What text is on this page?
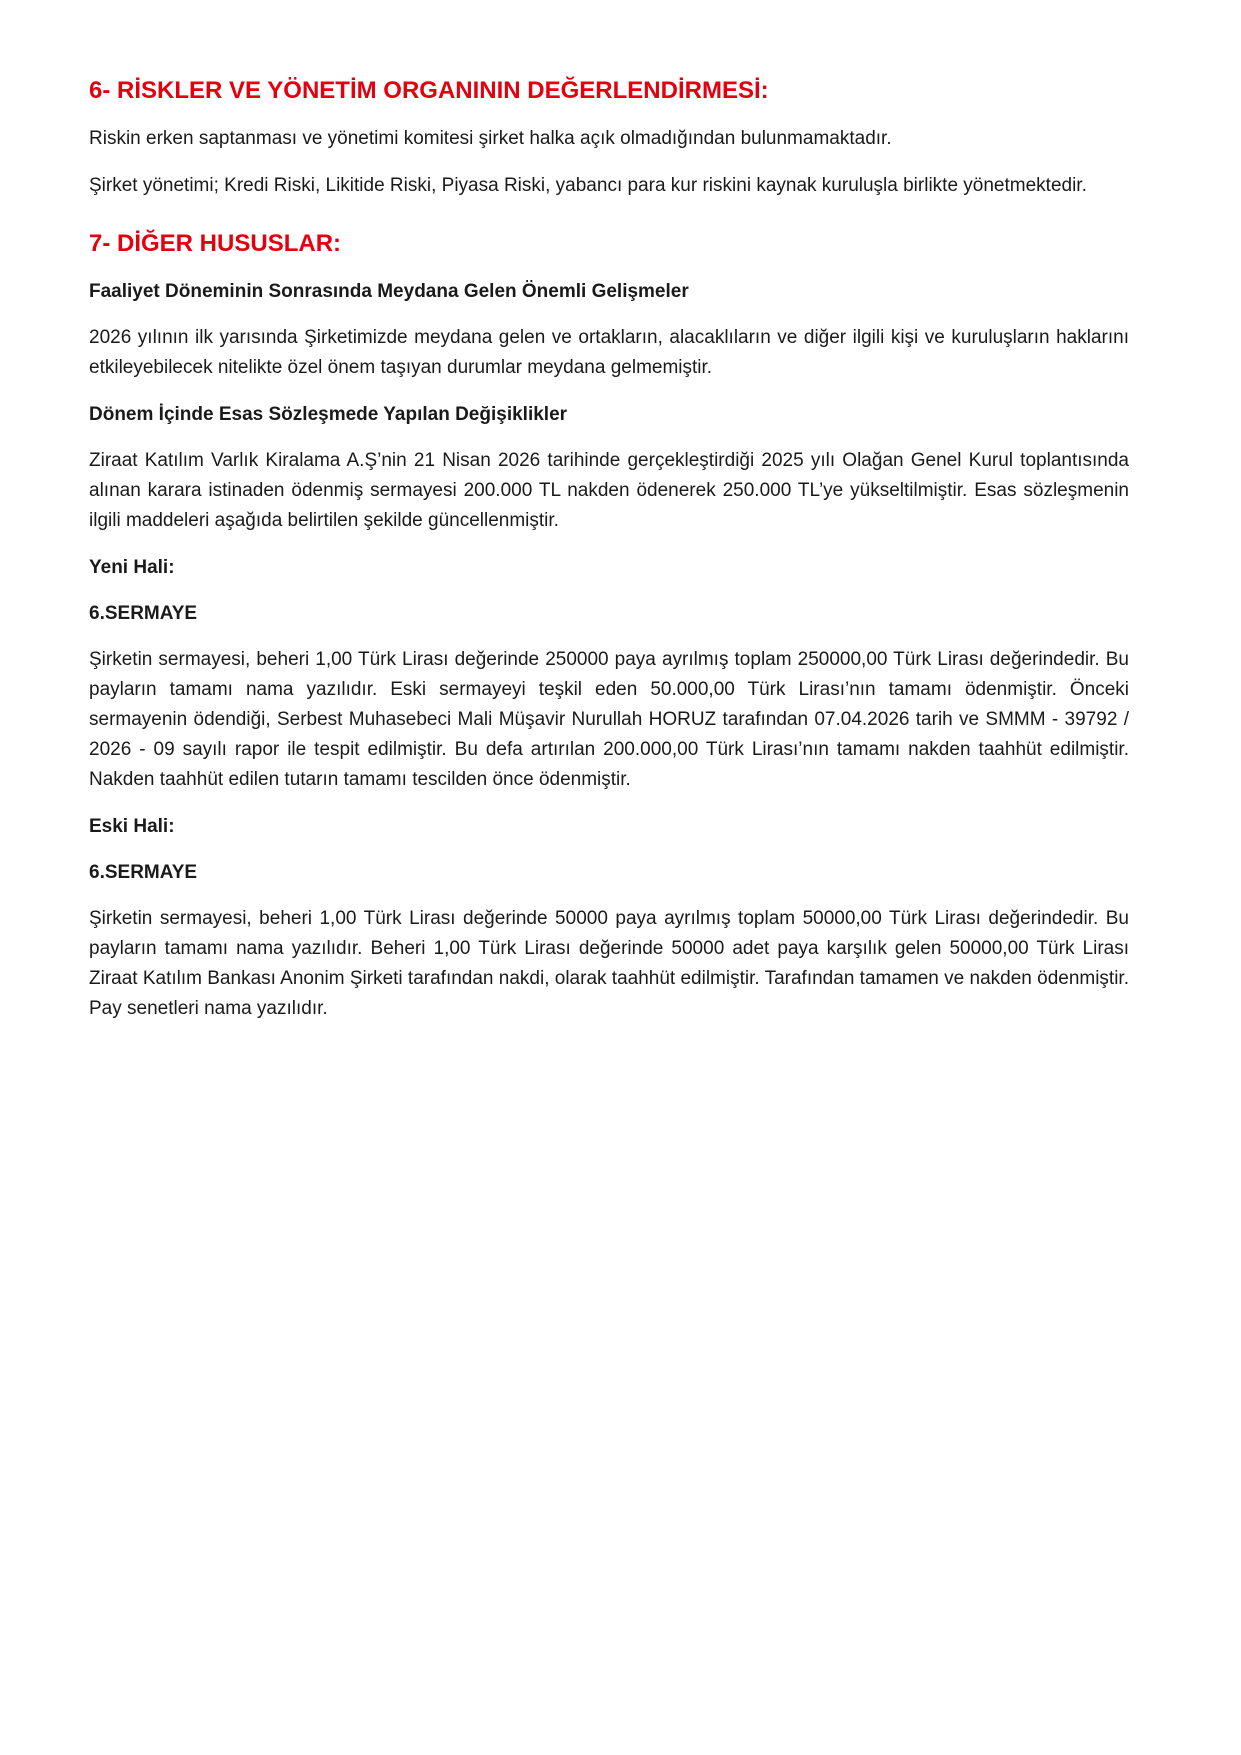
6- RİSKLER VE YÖNETİM ORGANININ DEĞERLENDİRMESİ:

Riskin erken saptanması ve yönetimi komitesi şirket halka açık olmadığından bulunmamaktadır.

Şirket yönetimi; Kredi Riski, Likitide Riski, Piyasa Riski, yabancı para kur riskini kaynak kuruluşla birlikte yönetmektedir.

7- DİĞER HUSUSLAR:

Faaliyet Döneminin Sonrasında Meydana Gelen Önemli Gelişmeler

2026 yılının ilk yarısında Şirketimizde meydana gelen ve ortakların, alacaklıların ve diğer ilgili kişi ve kuruluşların haklarını etkileyebilecek nitelikte özel önem taşıyan durumlar meydana gelmemiştir.

Dönem İçinde Esas Sözleşmede Yapılan Değişiklikler

Ziraat Katılım Varlık Kiralama A.Ş’nin 21 Nisan 2026 tarihinde gerçekleştirdiği 2025 yılı Olağan Genel Kurul toplantısında alınan karara istinaden ödenmiş sermayesi 200.000 TL nakden ödenerek 250.000 TL’ye yükseltilmiştir. Esas sözleşmenin ilgili maddeleri aşağıda belirtilen şekilde güncellenmiştir.

Yeni Hali:

6.SERMAYE

Şirketin sermayesi, beheri 1,00 Türk Lirası değerinde 250000 paya ayrılmış toplam 250000,00 Türk Lirası değerindedir. Bu payların tamamı nama yazılıdır. Eski sermayeyi teşkil eden 50.000,00 Türk Lirası’nın tamamı ödenmiştir. Önceki sermayenin ödendiği, Serbest Muhasebeci Mali Müşavir Nurullah HORUZ tarafından 07.04.2026 tarih ve SMMM - 39792 / 2026 - 09 sayılı rapor ile tespit edilmiştir. Bu defa artırılan 200.000,00 Türk Lirası’nın tamamı nakden taahhüt edilmiştir. Nakden taahhüt edilen tutarın tamamı tescilden önce ödenmiştir.

Eski Hali:

6.SERMAYE

Şirketin sermayesi, beheri 1,00 Türk Lirası değerinde 50000 paya ayrılmış toplam 50000,00 Türk Lirası değerindedir. Bu payların tamamı nama yazılıdır. Beheri 1,00 Türk Lirası değerinde 50000 adet paya karşılık gelen 50000,00 Türk Lirası Ziraat Katılım Bankası Anonim Şirketi tarafından nakdi, olarak taahhüt edilmiştir. Tarafından tamamen ve nakden ödenmiştir. Pay senetleri nama yazılıdır.
